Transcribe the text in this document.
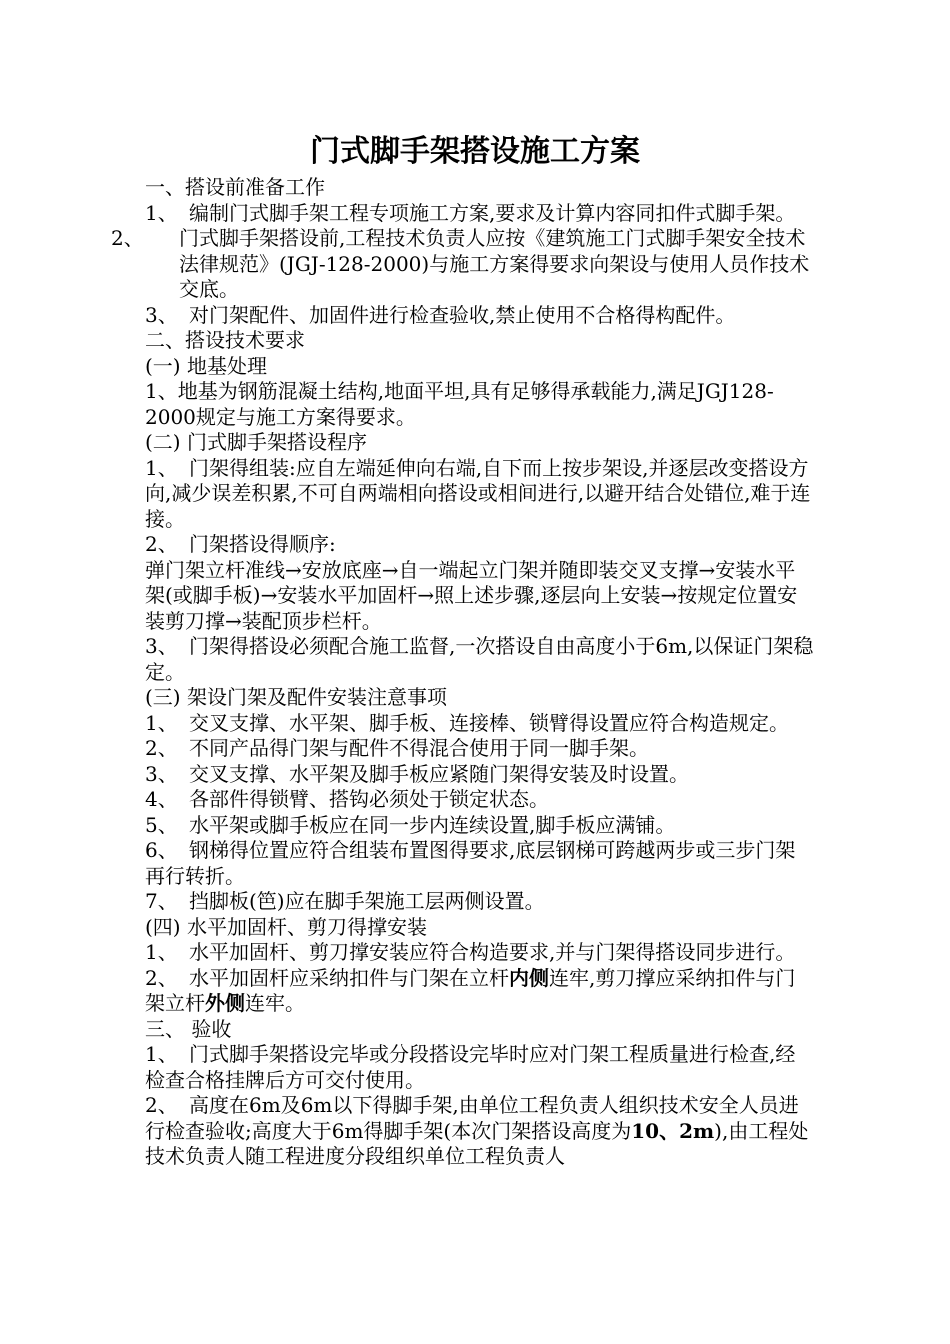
门式脚手架搭设施工方案

一、搭设前准备工作

1、 编制门式脚手架工程专项施工方案,要求及计算内容同扣件式脚手架。

2、 门式脚手架搭设前,工程技术负责人应按《建筑施工门式脚手架安全技术法律规范》(JGJ-128-2000)与施工方案得要求向架设与使用人员作技术交底。

3、 对门架配件、加固件进行检查验收,禁止使用不合格得构配件。

二、搭设技术要求

(一) 地基处理

1、地基为钢筋混凝土结构,地面平坦,具有足够得承载能力,满足JGJ128-2000规定与施工方案得要求。

(二) 门式脚手架搭设程序

1、 门架得组装:应自左端延伸向右端,自下而上按步架设,并逐层改变搭设方向,减少误差积累,不可自两端相向搭设或相间进行,以避开结合处错位,难于连接。

2、 门架搭设得顺序:

弹门架立杆准线→安放底座→自一端起立门架并随即装交叉支撑→安装水平架(或脚手板)→安装水平加固杆→照上述步骤,逐层向上安装→按规定位置安装剪刀撑→装配顶步栏杆。

3、 门架得搭设必须配合施工监督,一次搭设自由高度小于6m,以保证门架稳定。

(三) 架设门架及配件安装注意事项

1、 交叉支撑、水平架、脚手板、连接棒、锁臂得设置应符合构造规定。

2、 不同产品得门架与配件不得混合使用于同一脚手架。

3、 交叉支撑、水平架及脚手板应紧随门架得安装及时设置。

4、 各部件得锁臂、搭钩必须处于锁定状态。

5、 水平架或脚手板应在同一步内连续设置,脚手板应满铺。

6、 钢梯得位置应符合组装布置图得要求,底层钢梯可跨越两步或三步门架再行转折。

7、 挡脚板(笆)应在脚手架施工层两侧设置。

(四) 水平加固杆、剪刀得撑安装

1、 水平加固杆、剪刀撑安装应符合构造要求,并与门架得搭设同步进行。

2、 水平加固杆应采纳扣件与门架在立杆内侧连牢,剪刀撑应采纳扣件与门架立杆外侧连牢。

三、 验收

1、 门式脚手架搭设完毕或分段搭设完毕时应对门架工程质量进行检查,经检查合格挂牌后方可交付使用。

2、 高度在6m及6m以下得脚手架,由单位工程负责人组织技术安全人员进行检查验收;高度大于6m得脚手架(本次门架搭设高度为10、2m),由工程处技术负责人随工程进度分段组织单位工程负责人
